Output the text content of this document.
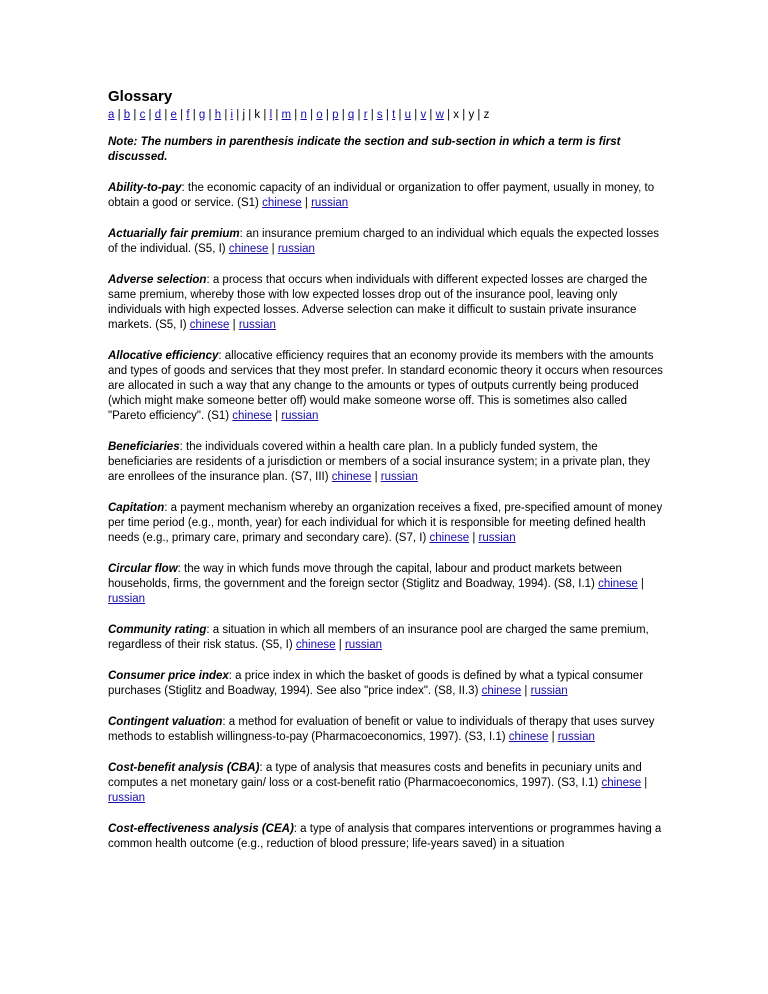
Glossary
a | b | c | d | e | f | g | h | i | j | k | l | m | n | o | p | q | r | s | t | u | v | w | x | y | z
Note: The numbers in parenthesis indicate the section and sub-section in which a term is first discussed.
Ability-to-pay: the economic capacity of an individual or organization to offer payment, usually in money, to obtain a good or service. (S1) chinese | russian
Actuarially fair premium: an insurance premium charged to an individual which equals the expected losses of the individual. (S5, I) chinese | russian
Adverse selection: a process that occurs when individuals with different expected losses are charged the same premium, whereby those with low expected losses drop out of the insurance pool, leaving only individuals with high expected losses. Adverse selection can make it difficult to sustain private insurance markets. (S5, I) chinese | russian
Allocative efficiency: allocative efficiency requires that an economy provide its members with the amounts and types of goods and services that they most prefer. In standard economic theory it occurs when resources are allocated in such a way that any change to the amounts or types of outputs currently being produced (which might make someone better off) would make someone worse off. This is sometimes also called "Pareto efficiency". (S1) chinese | russian
Beneficiaries: the individuals covered within a health care plan. In a publicly funded system, the beneficiaries are residents of a jurisdiction or members of a social insurance system; in a private plan, they are enrollees of the insurance plan. (S7, III) chinese | russian
Capitation: a payment mechanism whereby an organization receives a fixed, pre-specified amount of money per time period (e.g., month, year) for each individual for which it is responsible for meeting defined health needs (e.g., primary care, primary and secondary care). (S7, I) chinese | russian
Circular flow: the way in which funds move through the capital, labour and product markets between households, firms, the government and the foreign sector (Stiglitz and Boadway, 1994). (S8, I.1) chinese | russian
Community rating: a situation in which all members of an insurance pool are charged the same premium, regardless of their risk status. (S5, I) chinese | russian
Consumer price index: a price index in which the basket of goods is defined by what a typical consumer purchases (Stiglitz and Boadway, 1994). See also "price index". (S8, II.3) chinese | russian
Contingent valuation: a method for evaluation of benefit or value to individuals of therapy that uses survey methods to establish willingness-to-pay (Pharmacoeconomics, 1997). (S3, I.1) chinese | russian
Cost-benefit analysis (CBA): a type of analysis that measures costs and benefits in pecuniary units and computes a net monetary gain/ loss or a cost-benefit ratio (Pharmacoeconomics, 1997). (S3, I.1) chinese | russian
Cost-effectiveness analysis (CEA): a type of analysis that compares interventions or programmes having a common health outcome (e.g., reduction of blood pressure; life-years saved) in a situation
